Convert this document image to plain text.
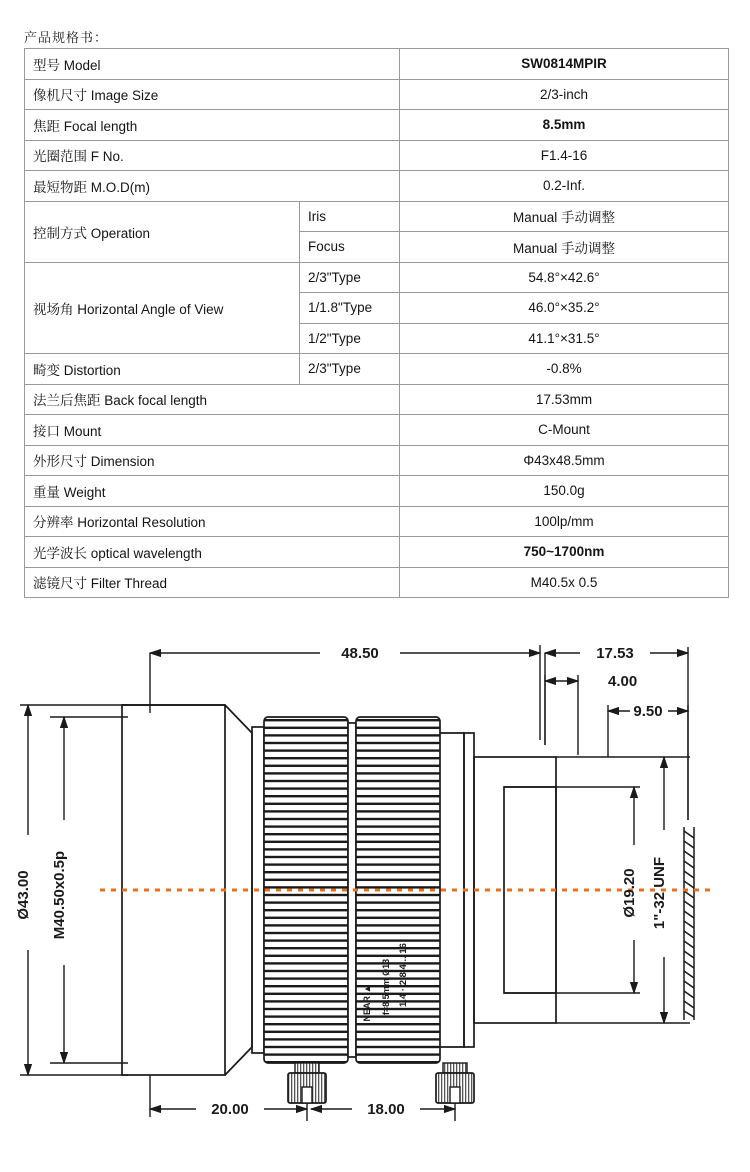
产品规格书：
型号 Model		SW0814MPIR
像机尺寸 Image Size		2/3-inch
焦距 Focal length		8.5mm
光圈范围 F No.		F1.4-16
最短物距 M.O.D(m)		0.2-Inf.
控制方式 Operation	Iris	Manual 手动调整
	Focus	Manual 手动调整
视场角 Horizontal Angle of View	2/3"Type	54.8°×42.6°
	1/1.8"Type	46.0°×35.2°
	1/2"Type	41.1°×31.5°
畸变 Distortion	2/3"Type	-0.8%
法兰后焦距 Back focal length		17.53mm
接口 Mount		C-Mount
外形尺寸 Dimension		Φ43x48.5mm
重量 Weight		150.0g
分辨率 Horizontal Resolution		100lp/mm
光学波长 optical wavelength		750~1700nm
滤镜尺寸 Filter Thread		M40.5x 0.5
48.50	17.53
4.00
9.50
Ø43.00 M40.50x0.5p	Ø19.20 1"-32 UNF
20.00	18.00
1.4 · 2.8 4 .. 16
f=8.5mm Ø13
NEAR ▲
